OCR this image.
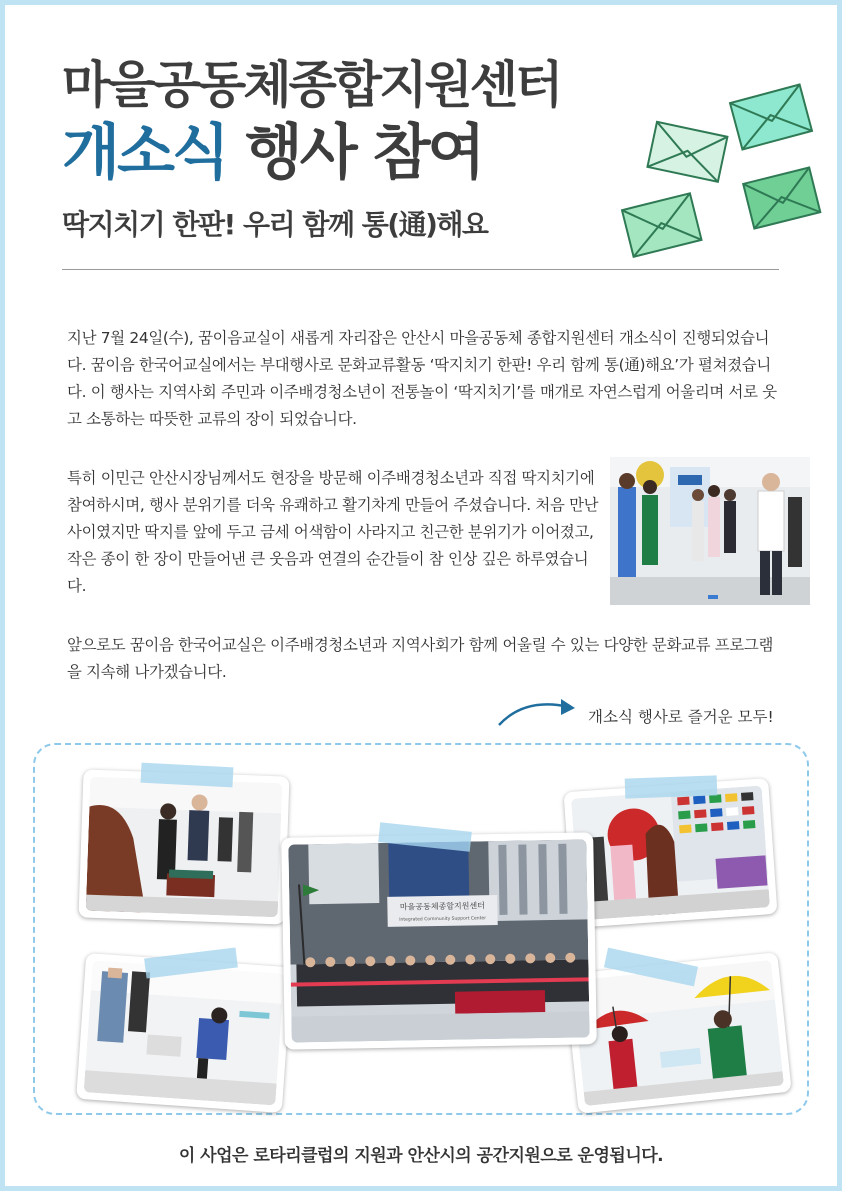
마을공동체종합지원센터
개소식 행사 참여
딱지치기 한판! 우리 함께 통(通)해요

지난 7월 24일(수), 꿈이음교실이 새롭게 자리잡은 안산시 마을공동체 종합지원센터 개소식이 진행되었습니다. 꿈이음 한국어교실에서는 부대행사로 문화교류활동 ‘딱지치기 한판! 우리 함께 통(通)해요’가 펼쳐졌습니다. 이 행사는 지역사회 주민과 이주배경청소년이 전통놀이 ‘딱지치기’를 매개로 자연스럽게 어울리며 서로 웃고 소통하는 따뜻한 교류의 장이 되었습니다.

특히 이민근 안산시장님께서도 현장을 방문해 이주배경청소년과 직접 딱지치기에 참여하시며, 행사 분위기를 더욱 유쾌하고 활기차게 만들어 주셨습니다. 처음 만난 사이였지만 딱지를 앞에 두고 금세 어색함이 사라지고 친근한 분위기가 이어졌고, 작은 종이 한 장이 만들어낸 큰 웃음과 연결의 순간들이 참 인상 깊은 하루였습니다.

앞으로도 꿈이음 한국어교실은 이주배경청소년과 지역사회가 함께 어울릴 수 있는 다양한 문화교류 프로그램을 지속해 나가겠습니다.

개소식 행사로 즐거운 모두!
마을공동체종합지원센터
Integrated Community Support Center
이 사업은 로타리클럽의 지원과 안산시의 공간지원으로 운영됩니다.
